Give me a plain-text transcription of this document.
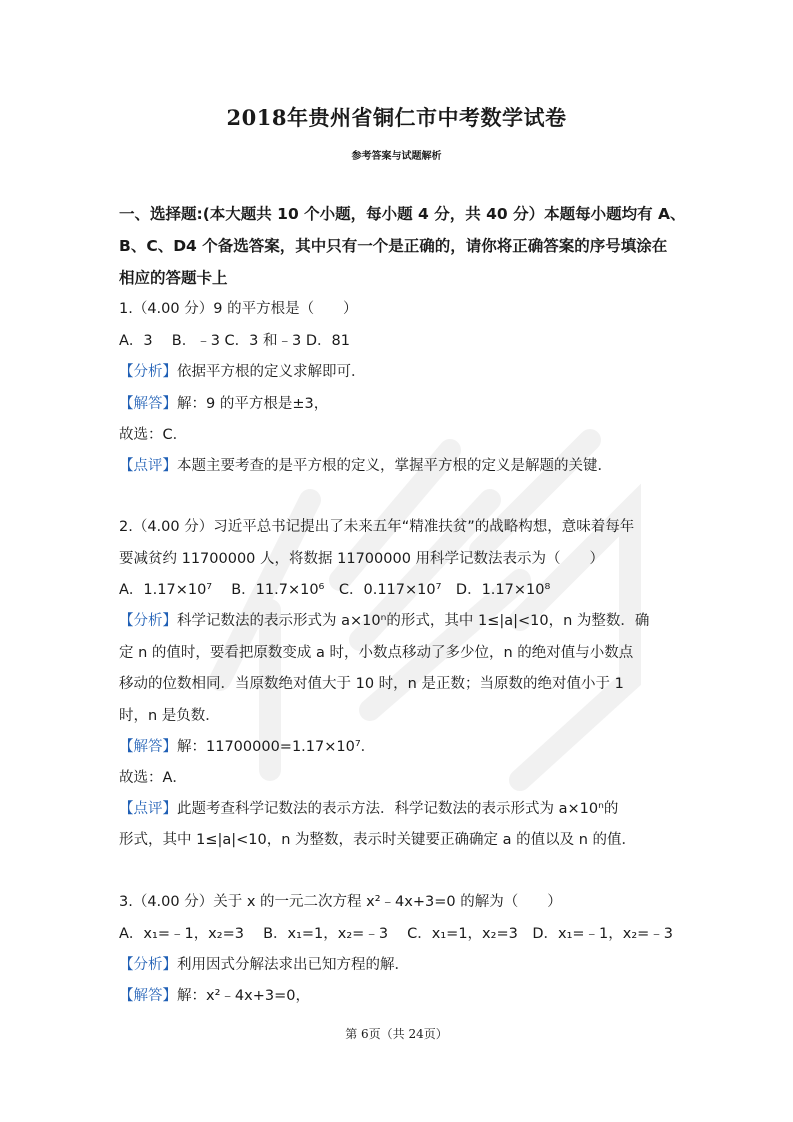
2018年贵州省铜仁市中考数学试卷
参考答案与试题解析
一、选择题:(本大题共 10 个小题，每小题 4 分，共 40 分）本题每小题均有 A、
B、C、D4 个备选答案，其中只有一个是正确的，请你将正确答案的序号填涂在
相应的答题卡上
1.（4.00 分）9 的平方根是（　　）
A．3　 B．﹣3 C．3 和﹣3 D．81
【分析】依据平方根的定义求解即可．
【解答】解：9 的平方根是±3，
故选：C．
【点评】本题主要考查的是平方根的定义，掌握平方根的定义是解题的关键．
2.（4.00 分）习近平总书记提出了未来五年“精准扶贫”的战略构想，意味着每年
要减贫约 11700000 人，将数据 11700000 用科学记数法表示为（　　）
A．1.17×10⁷　 B．11.7×10⁶　C．0.117×10⁷　D．1.17×10⁸
【分析】科学记数法的表示形式为 a×10ⁿ的形式，其中 1≤|a|<10，n 为整数．确
定 n 的值时，要看把原数变成 a 时，小数点移动了多少位，n 的绝对值与小数点
移动的位数相同．当原数绝对值大于 10 时，n 是正数；当原数的绝对值小于 1
时，n 是负数．
【解答】解：11700000=1.17×10⁷．
故选：A．
【点评】此题考查科学记数法的表示方法．科学记数法的表示形式为 a×10ⁿ的
形式，其中 1≤|a|<10，n 为整数，表示时关键要正确确定 a 的值以及 n 的值．
3.（4.00 分）关于 x 的一元二次方程 x²﹣4x+3=0 的解为（　　）
A．x₁=﹣1，x₂=3　 B．x₁=1，x₂=﹣3　 C．x₁=1，x₂=3　D．x₁=﹣1，x₂=﹣3
【分析】利用因式分解法求出已知方程的解．
【解答】解：x²﹣4x+3=0，
第 6页（共 24页）
